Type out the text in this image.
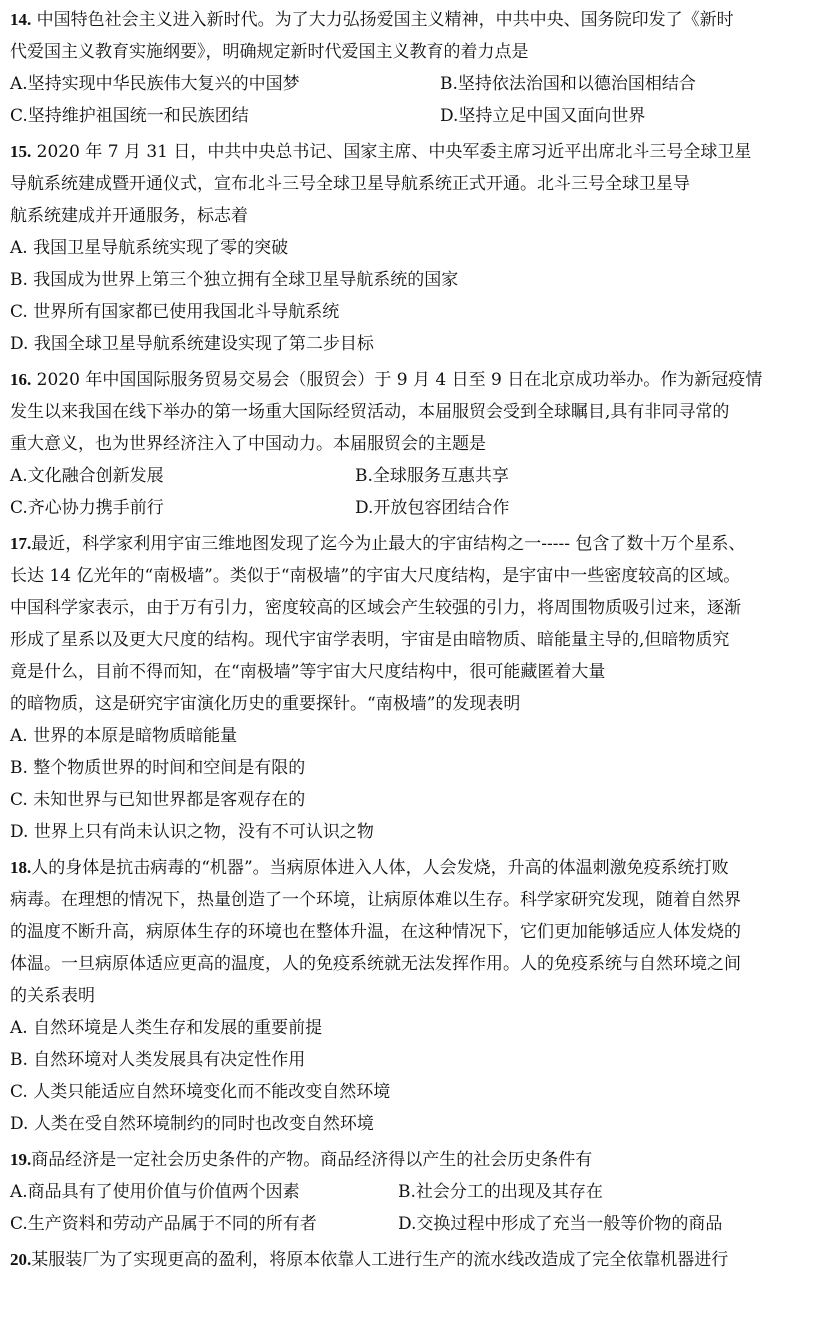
14. 中国特色社会主义进入新时代。为了大力弘扬爱国主义精神，中共中央、国务院印发了《新时
代爱国主义教育实施纲要》，明确规定新时代爱国主义教育的着力点是
A.坚持实现中华民族伟大复兴的中国梦	B.坚持依法治国和以德治国相结合
C.坚持维护祖国统一和民族团结	D.坚持立足中国又面向世界
15. 2020 年 7 月 31 日，中共中央总书记、国家主席、中央军委主席习近平出席北斗三号全球卫星
导航系统建成暨开通仪式，宣布北斗三号全球卫星导航系统正式开通。北斗三号全球卫星导
航系统建成并开通服务，标志着
A. 我国卫星导航系统实现了零的突破
B. 我国成为世界上第三个独立拥有全球卫星导航系统的国家
C. 世界所有国家都已使用我国北斗导航系统
D. 我国全球卫星导航系统建设实现了第二步目标
16. 2020 年中国国际服务贸易交易会（服贸会）于 9 月 4 日至 9 日在北京成功举办。作为新冠疫情
发生以来我国在线下举办的第一场重大国际经贸活动，本届服贸会受到全球瞩目,具有非同寻常的
重大意义，也为世界经济注入了中国动力。本届服贸会的主题是
A.文化融合创新发展	B.全球服务互惠共享
C.齐心协力携手前行	D.开放包容团结合作
17.最近，科学家利用宇宙三维地图发现了迄今为止最大的宇宙结构之一----- 包含了数十万个星系、
长达 14 亿光年的“南极墙”。类似于“南极墙”的宇宙大尺度结构，是宇宙中一些密度较高的区域。
中国科学家表示，由于万有引力，密度较高的区域会产生较强的引力，将周围物质吸引过来，逐渐
形成了星系以及更大尺度的结构。现代宇宙学表明，宇宙是由暗物质、暗能量主导的,但暗物质究
竟是什么，目前不得而知，在“南极墙”等宇宙大尺度结构中，很可能藏匿着大量
的暗物质，这是研究宇宙演化历史的重要探针。“南极墙”的发现表明
A. 世界的本原是暗物质暗能量
B. 整个物质世界的时间和空间是有限的
C. 未知世界与已知世界都是客观存在的
D. 世界上只有尚未认识之物，没有不可认识之物
18.人的身体是抗击病毒的“机器”。当病原体进入人体，人会发烧，升高的体温刺激免疫系统打败
病毒。在理想的情况下，热量创造了一个环境，让病原体难以生存。科学家研究发现，随着自然界
的温度不断升高，病原体生存的环境也在整体升温，在这种情况下，它们更加能够适应人体发烧的
体温。一旦病原体适应更高的温度，人的免疫系统就无法发挥作用。人的免疫系统与自然环境之间
的关系表明
A. 自然环境是人类生存和发展的重要前提
B. 自然环境对人类发展具有决定性作用
C. 人类只能适应自然环境变化而不能改变自然环境
D. 人类在受自然环境制约的同时也改变自然环境
19.商品经济是一定社会历史条件的产物。商品经济得以产生的社会历史条件有
A.商品具有了使用价值与价值两个因素	B.社会分工的出现及其存在
C.生产资料和劳动产品属于不同的所有者	D.交换过程中形成了充当一般等价物的商品
20.某服装厂为了实现更高的盈利，将原本依靠人工进行生产的流水线改造成了完全依靠机器进行
